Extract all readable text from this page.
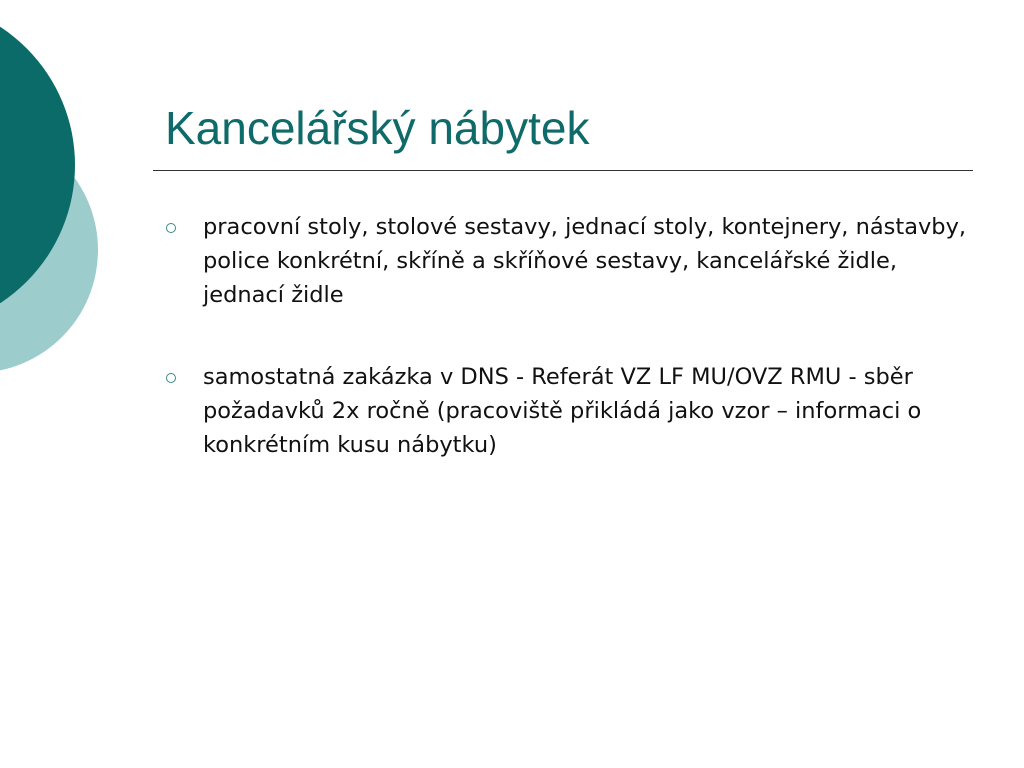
Kancelářský nábytek
pracovní stoly, stolové sestavy, jednací stoly, kontejnery, nástavby, police konkrétní, skříně a skříňové sestavy, kancelářské židle, jednací židle
samostatná zakázka v DNS - Referát VZ LF MU/OVZ RMU - sběr požadavků 2x ročně (pracoviště přikládá jako vzor – informaci o konkrétním kusu nábytku)
